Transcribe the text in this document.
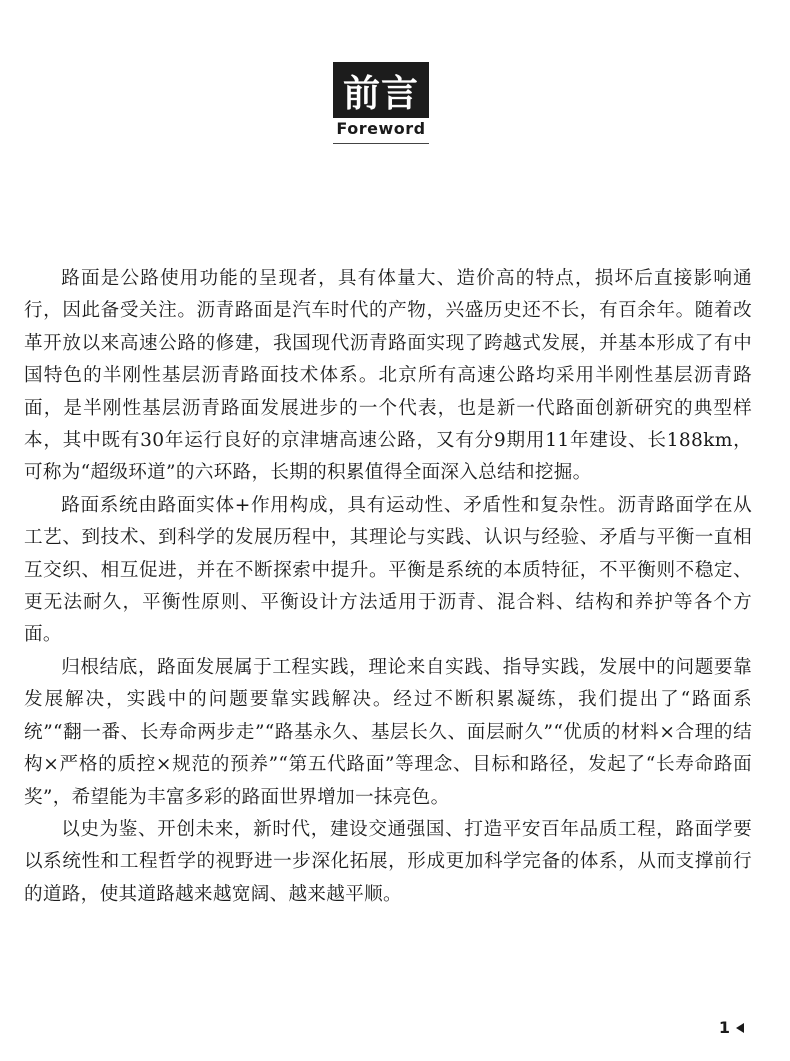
前言
Foreword

路面是公路使用功能的呈现者，具有体量大、造价高的特点，损坏后直接影响通行，因此备受关注。沥青路面是汽车时代的产物，兴盛历史还不长，有百余年。随着改革开放以来高速公路的修建，我国现代沥青路面实现了跨越式发展，并基本形成了有中国特色的半刚性基层沥青路面技术体系。北京所有高速公路均采用半刚性基层沥青路面，是半刚性基层沥青路面发展进步的一个代表，也是新一代路面创新研究的典型样本，其中既有30年运行良好的京津塘高速公路，又有分9期用11年建设、长188km，可称为“超级环道”的六环路，长期的积累值得全面深入总结和挖掘。

路面系统由路面实体+作用构成，具有运动性、矛盾性和复杂性。沥青路面学在从工艺、到技术、到科学的发展历程中，其理论与实践、认识与经验、矛盾与平衡一直相互交织、相互促进，并在不断探索中提升。平衡是系统的本质特征，不平衡则不稳定、更无法耐久，平衡性原则、平衡设计方法适用于沥青、混合料、结构和养护等各个方面。

归根结底，路面发展属于工程实践，理论来自实践、指导实践，发展中的问题要靠发展解决，实践中的问题要靠实践解决。经过不断积累凝练，我们提出了“路面系统”“翻一番、长寿命两步走”“路基永久、基层长久、面层耐久”“优质的材料×合理的结构×严格的质控×规范的预养”“第五代路面”等理念、目标和路径，发起了“长寿命路面奖”，希望能为丰富多彩的路面世界增加一抹亮色。

以史为鉴、开创未来，新时代，建设交通强国、打造平安百年品质工程，路面学要以系统性和工程哲学的视野进一步深化拓展，形成更加科学完备的体系，从而支撑前行的道路，使其道路越来越宽阔、越来越平顺。

1
